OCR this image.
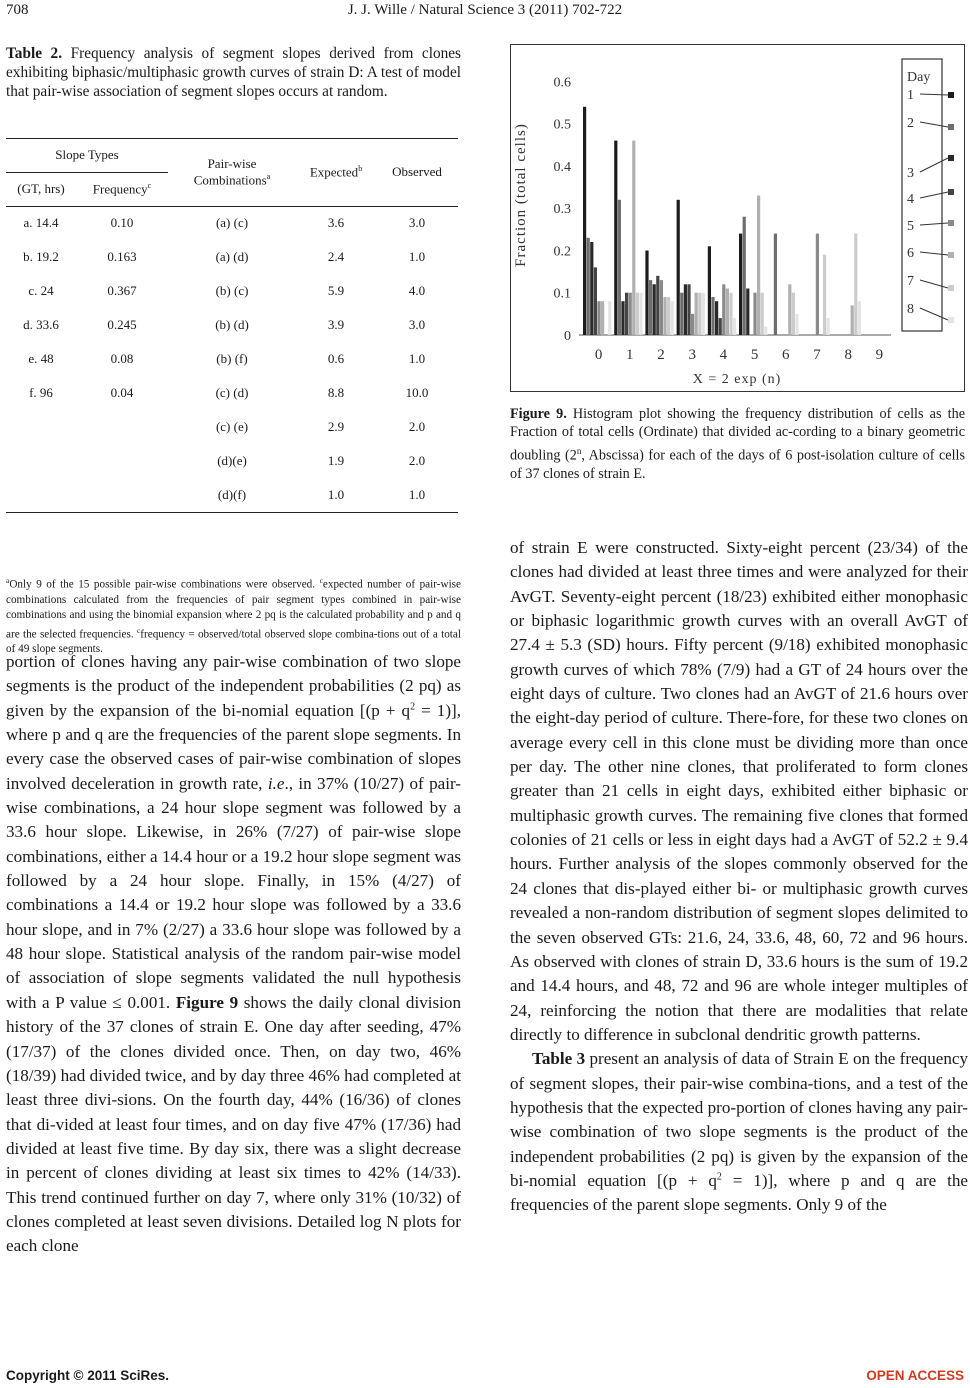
708	J. J. Wille / Natural Science 3 (2011) 702-722
Table 2. Frequency analysis of segment slopes derived from clones exhibiting biphasic/multiphasic growth curves of strain D: A test of model that pair-wise association of segment slopes occurs at random.
Slope Types		Pair-wise
Combinations$^a$	Expected$^b$	Observed
(GT, hrs)	Frequency$^c$
a. 14.4	0.10	(a) (c)	3.6	3.0
b. 19.2	0.163	(a) (d)	2.4	1.0
c. 24	0.367	(b) (c)	5.9	4.0
d. 33.6	0.245	(b) (d)	3.9	3.0
e. 48	0.08	(b) (f)	0.6	1.0
f. 96	0.04	(c) (d)	8.8	10.0
		(c) (e)	2.9	2.0
		(d)(e)	1.9	2.0
		(d)(f)	1.0	1.0
$^a$Only 9 of the 15 possible pair-wise combinations were observed. $^c$expected number of pair-wise combinations calculated from the frequencies of pair segment types combined in pair-wise combinations and using the binomial expansion where 2 pq is the calculated probability and p and q are the selected frequencies. $^c$frequency = observed/total observed slope combina-tions out of a total of 49 slope segments.

portion of clones having any pair-wise combination of two slope segments is the product of the independent probabilities (2 pq) as given by the expansion of the bi-nomial equation $[(p + q^2 = 1)]$, where p and q are the frequencies of the parent slope segments. In every case the observed cases of pair-wise combination of slopes involved deceleration in growth rate, i.e., in 37% (10/27) of pair-wise combinations, a 24 hour slope segment was followed by a 33.6 hour slope. Likewise, in 26% (7/27) of pair-wise slope combinations, either a 14.4 hour or a 19.2 hour slope segment was followed by a 24 hour slope. Finally, in 15% (4/27) of combinations a 14.4 or 19.2 hour slope was followed by a 33.6 hour slope, and in 7% (2/27) a 33.6 hour slope was followed by a 48 hour slope. Statistical analysis of the random pair-wise model of association of slope segments validated the null hypothesis with a P value ≤ 0.001. Figure 9 shows the daily clonal division history of the 37 clones of strain E. One day after seeding, 47% (17/37) of the clones divided once. Then, on day two, 46% (18/39) had divided twice, and by day three 46% had completed at least three divi-sions. On the fourth day, 44% (16/36) of clones that di-vided at least four times, and on day five 47% (17/36) had divided at least five time. By day six, there was a slight decrease in percent of clones dividing at least six times to 42% (14/33). This trend continued further on day 7, where only 31% (10/32) of clones completed at least seven divisions. Detailed log N plots for each clone

0 1 2 3 4 5 6 7 8 9
0
0.1
0.2
0.3
0.4
0.5
0.6
Fraction (total cells)
X = 2 exp (n)
Day
1
2
3
4
5
6
7
8
Figure 9. Histogram plot showing the frequency distribution of cells as the Fraction of total cells (Ordinate) that divided ac-cording to a binary geometric doubling (2$^n$, Abscissa) for each of the days of 6 post-isolation culture of cells of 37 clones of strain E.

of strain E were constructed. Sixty-eight percent (23/34) of the clones had divided at least three times and were analyzed for their AvGT. Seventy-eight percent (18/23) exhibited either monophasic or biphasic logarithmic growth curves with an overall AvGT of 27.4 ± 5.3 (SD) hours. Fifty percent (9/18) exhibited monophasic growth curves of which 78% (7/9) had a GT of 24 hours over the eight days of culture. Two clones had an AvGT of 21.6 hours over the eight-day period of culture. There-fore, for these two clones on average every cell in this clone must be dividing more than once per day. The other nine clones, that proliferated to form clones greater than 21 cells in eight days, exhibited either biphasic or multiphasic growth curves. The remaining five clones that formed colonies of 21 cells or less in eight days had a AvGT of 52.2 ± 9.4 hours. Further analysis of the slopes commonly observed for the 24 clones that dis-played either bi- or multiphasic growth curves revealed a non-random distribution of segment slopes delimited to the seven observed GTs: 21.6, 24, 33.6, 48, 60, 72 and 96 hours. As observed with clones of strain D, 33.6 hours is the sum of 19.2 and 14.4 hours, and 48, 72 and 96 are whole integer multiples of 24, reinforcing the notion that there are modalities that relate directly to difference in subclonal dendritic growth patterns.

Table 3 present an analysis of data of Strain E on the frequency of segment slopes, their pair-wise combina-tions, and a test of the hypothesis that the expected pro-portion of clones having any pair-wise combination of two slope segments is the product of the independent probabilities (2 pq) is given by the expansion of the bi-nomial equation $[(p + q^2 = 1)]$, where p and q are the frequencies of the parent slope segments. Only 9 of the

Copyright © 2011 SciRes.	OPEN ACCESS
